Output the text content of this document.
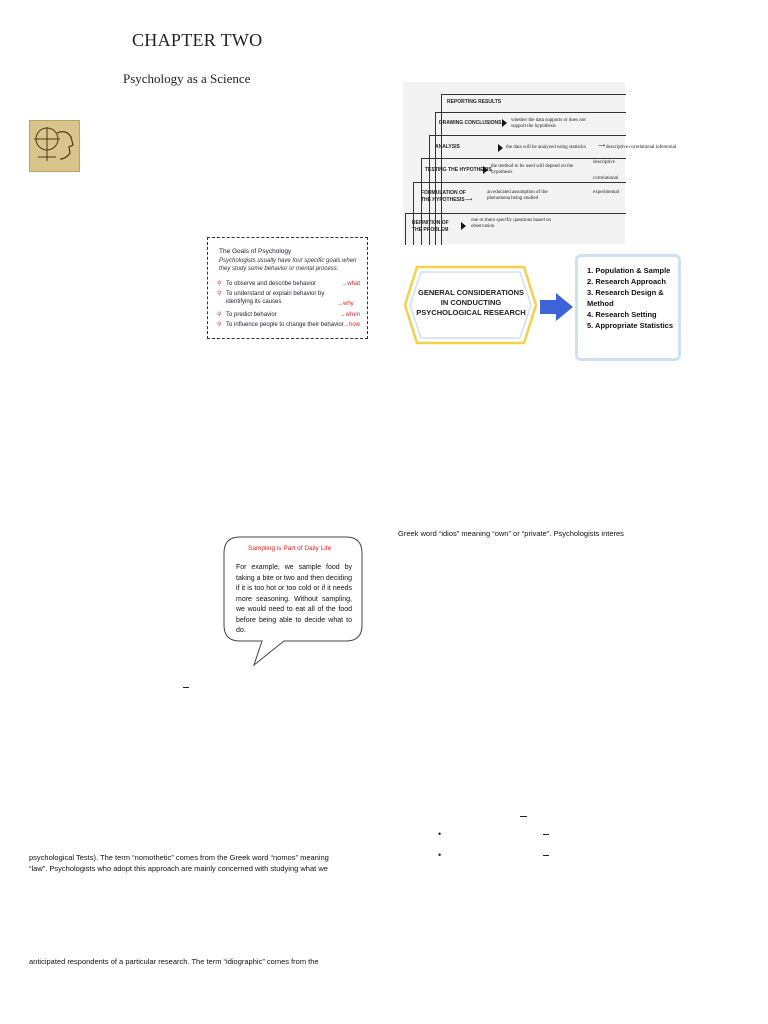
CHAPTER TWO
Psychology as a Science
The Goals of Psychology
Psychologists usually have four specific goals when they study some behavior or mental process:
⚲ To observe and describe behavior	→what
⚲ To understand or explain behavior by identifying its causes	→why
⚲ To predict behavior	→when
⚲ To influence people to change their behavior →how
REPORTING RESULTS
DRAWING CONCLUSIONS whether the data supports or does not support the hypothesis
ANALYSIS	the data will be analyzed using statistics	⟶ descriptive correlational inferential
TESTING THE HYPOTHESIS
the method to be used will depend on the hypothesis
descriptive
correlational
experimental
FORMULATION OF THE HYPOTHESIS ⟶
an educated assumption of the phenomena being studied
DEFINITION OF THE PROBLEM
one or more specific questions based on observation
GENERAL CONSIDERATIONS IN CONDUCTING PSYCHOLOGICAL RESEARCH
1. Population & Sample
2. Research Approach
3. Research Design & Method
4. Research Setting
5. Appropriate Statistics
Sampling is Part of Daily Life
For example, we sample food by taking a bite or two and then deciding if it is too hot or too cold or if it needs more seasoning. Without sampling, we would need to eat all of the food before being able to decide what to do.
Greek word “idios” meaning “own” or “private”. Psychologists interes
psychological Tests). The term “nomothetic” comes from the Greek word “nomos” meaning
“law”. Psychologists who adopt this approach are mainly concerned with studying what we
anticipated respondents of a particular research. The term “idiographic” comes from the
•
•
